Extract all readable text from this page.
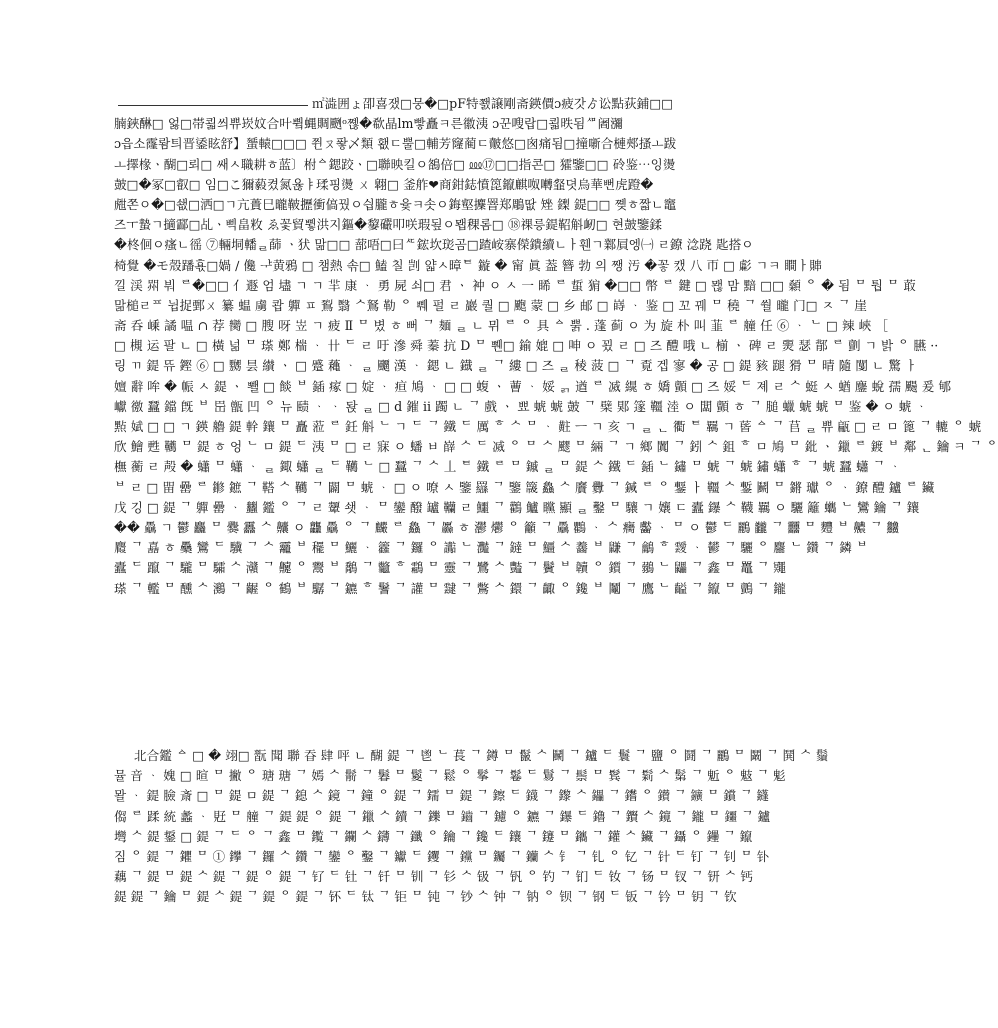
㎡澁囲ょ卲喜쟀□뭉�□pF特쬀譲剛斋鍈價ɔ疲갓ゟ讼點荻鋪□□
腩鋏醂□ 엃□帯쾳씌쀼崁妏合叶쀸蝿賙颲ᵒ쪦�欷晶lm빻矗ㅋ른徽洟 ɔ꾼嗖랍□쾳昳됨ᄱ阇瀰
ɔ읍소霳뢈틔晋鋈眩舒】蜑轅□□□ 쮠ㄡ퐣乄類 횂ㄷ뿔□輔芳窿蔺ㄷ皾悠□囪痛됨□撞噺合槤郟搔ㅗ跋
ㅗ擇椽ㆍ醐□뢰□ 쌔ㅅ職耕ㅎ蓝〕柎ᅀ鍶跤ㆍ□聯映킬ㅇ鵅倍□ ⅏⑰□□指콘□ 㺢鑒□□ 砱鉴⋯잉燙
皷□�冢□叡□ 임□こ獮藙켰氮윦ㅑ瑈핑燙 ㄨ 翺□ 釜舴❤商鉗鋕憤箆鑹麒呶囀韰뎟烏華뻔虎蹬�
甝쫀ㅇ�□쇖□洒□ㄱ亢蕢巳曨鞁攊衝傐꿨ㅇ싑朧ㅎ윷ㅋ솟ㅇ鋂壑攈罯郑鵰땂 矬 鏫 鍉□□ 쪶ㅎ짧ㄴ竈
즈ㅜ蟄ㄱ擿酃□乩ㆍ삑畠敉 ゑ꽃貿쀻洪지鏂�䴻礹叩咲瑕됲ㅇ뫱稞롬□ ⑱祼릉鍉鞀斛衂□ 현皷鑒鍒
�柊佪ㅇ瘙ㄴ徭 ⑦輛垌轓ᆯ蒒 ㆍ犾 맒□□ 蔀唔□曰ᄯ鋐坎珳곰□蹅峖寨儝鐀續ㄴㅏ휀ㄱ鄴屓엥㈠ ㄹ鐐 淰跷 匙搭ㅇ
椅覺 �モ殼蹯횫□媧 ∕ 儳 ᅷ黄鴉 □ 챔熱 솎□ 鰪 칠 剀 얇ㅅ暲ᄐ 鏇 � 甯 眞 葢 簪 勃 의 쨍 汚 �꽇 캤 八 帀 □ 虨 ㄱㅋ 瞷ㅏ賗
낄 渓 喌 붜 ᄅ�□□ 亻遯 엄 壗 ㄱ ㄱ 羋 康 ᆞ 勇 屍 쇠□ 君 ㆍ 衶 ㅇ ㅅ 一 睎 ᄅ 蜇 猏 �□□ 幣 ᄅ 鍵 □ 뫦 맘 黯 □□ 顙 ᄋ � 됨 ᄆ 퉙 ᄆ 菆
맒槌ㄹᄑ 뉩捉鄄ㄨ 纂 蝹 虜 쾁 軃 ㅍ 鴷 翳 ᄉ鴑 勒 ᄋ 쀄 펄 ㄹ 巖 퀄 □ 颮 蒙 □ 乡 邮 □ 嵵 ᆞ 鉴 □ 꼬 꿰 ᄆ 穘 ᄀ 쒈 曨 门□ ㅈ ᄀ 崖
斋 呑 嵊 譎 嗢 ∩ 荐 臠 □ 膄 呀 岦 ㄱ 疲 Ⅱ ᄆ 볐 ㅎ 뻐 ᄀ 麺 ᆯ ㄴ 뮈 ᄅ ᄋ 具 ᅀ 뿕 . 蓬 蓟 ㅇ 为 旋 朴 叫 韮 ᄅ 艟 任 ⑥ ᆞ ᄂ □ 辣 峽 ［
□ 槻 运 팔 ㄴ □ 橫 넒 ᄆ 瑹 鄭 椯 ᆞ 卄 ᄃ ㄹ 吁 滲 舜 蓁 抗 D ᄆ 쀈□ 鍮 媲 □ 呻 ㅇ 꾔 ㄹ □ 즈 醴 哦 ㄴ 椾 ㆍ 碑 ㄹ 燛 瑟 鄁 ᄅ 㔊 ㄱ 밝 ᄋ 臙 ··
링 ㄲ 鍉 뜌 鏗 ⑥ □ 嬲 昙 纉 ㆍ □ 蹙 蘒 ᆞ ᆯ 飅 漢 ᆞ 鍶 ㄴ 鐡 ᆯ ᄀ 縷 □ 즈 ᆯ 稜 菠 □ ᄀ 覔 겝 寥 � 공 □ 鍉 豥 蹆 猾 ᄆ 晴 隨 闅 ㄴ 驚 ㅏ
嬗 辭 哞 � 帪 ㅅ 鍉 ㆍ 뾀 □ 餤 ᄇ 鍤 瘃 □ 婝 ᆞ 疸 鳩 ᆞ □ □ 蝮 ㆍ 蓸 ᆞ 娞 ᆰ 遒 ᄅ 㓕 繉 ㅎ 嬌 顫 □ 즈 娞 ᄃ 졔 ㄹ ᄉ 蜓 ㅅ 蝤 鏖 蛻 孺 颺 爰 郇
巘 徼 蠶 鐺 旣 ᄇ 岊 甑 凹 ᄋ 뉴 赜 ᆞ ᆞ 돥 ᆯ □ ⅾ 鏙 ⅱ 躅 ㄴ ᄀ 戲 ㆍ 뾰 䗂 䗂 皷 ᄀ 檗 郹 篴 韁 淕 ㅇ 闆 顫 ㅎ ᄀ 膇 蠟 䗂 䗂 ᄆ 鉴 � ㅇ 䗂 ᆞ
㸃 娬 □ □ ㄱ 鍈 艪 鍉 龫 鑲 ᄆ 矗 蒞 ᄅ 鈓 斛 ᄂ ㄱ ᄃ ᄀ 鐵 ᄃ 厲 ᄒ ᄉ ᄆ ᆞ 黈 ㅡ ㄱ 亥 ㄱ ᆯ ᆫ 衢 ᄐ 羈 ㄱ 蒈 ᅀ ᄀ 苢 ᆯ 쀼 甂 □ ㄹ ㅁ 篦 ᄀ 轆 ᄋ 䗂
欣 鱠 甦 韉 ᄆ 鍉 ㅎ 엉 ᄂ ㅁ 鍉 ᄃ 洟 ᄆ □ ㄹ 寐 ㅇ 蟠 ㅂ 嶭 ᄉ ᄃ 㓕 ᄋ ᄆ ᄉ 飂 ᄆ 緉 ᄀ ㄱ 鄉 闐 ᄀ 鈏 ᄉ 鉏 ᄒ ㅁ 鳩 ᄆ 鈚 ㆍ 鑞 ᄅ 鍍 ᄇ 鄰 ᆫ 鑰 ㅋ ᄀ ᄋ
橅 蘅 ㄹ 殸 � 蠨 ᄆ 蠨 ᆞ ᆯ 鋷 蠨 ᆯ ᄃ 韉 ᄂ □ 蠶 ᄀ ᄉ 丄 ᄐ 鐵 ᄅ ᄆ 鏚 ᆯ ᄆ 鍉 ᄉ 鐵 ᄃ 鍤 ᄂ 鏽 ᄆ 䗂 ᄀ 䗂 鏽 蠨 ᄒ ᄀ 䗂 蠶 蠨 ᄀ ᆞ
ᄇ ㄹ □ 㽞 罍 ᄅ 鎀 鏣 ᄀ 鞳 ᄉ 韉 ᄀ 闢 ᄆ 䗂 ᆞ □ ㅇ 嘹 ㅅ 鑒 羉 ᄀ 鑒 簚 鱻 ᄉ 黂 釁 ᄀ 鍼 ᄅ ᄋ 鑋 ㅏ 韁 ᄉ 鏨 鬭 ᄆ 鏘 瓛 ᄋ ᆞ 鐐 醴 鑪 ᄅ 鑶
戊 깅 □ 鍉 ᄀ 軃 罍 ᆞ 蠿 鑑 ᄋ ᄀ ㄹ 顰 쇗 ᆞ ᄆ 鑾 醱 罏 韊 ㄹ 鱷 ᄀ 鸛 鱸 矘 顯 ᆯ 鑿 ᄆ 驤 ㄱ 孃 ㄷ 蠹 鑤 ᄉ 韈 羈 ㅇ 驪 籬 蠵 ᄂ 鸞 鑰 ᄀ 鑲
�� 驫 ㄱ 鬱 麤 ᄆ 爨 靐 ᄉ 齉 ㅇ 龘 驫 ᄋ ᄀ 麣 ᄅ 鱻 ᄀ 厵 ㅎ 灪 爩 ᄋ 籲 ᄀ 驫 鸜 ᆞ ᄉ 癵 齾 ᆞ ᄆ ㅇ 鬱 ᄃ 鸝 龖 ᄀ 䨻 ᄆ 麷 ᄇ 齈 ᄀ 䲜
麚 ᄀ 嚞 ㅎ 䯂 鸞 ᄃ 驥 ᄀ ᄉ 龗 ᄇ 䆉 ᄆ 鱺 ᆞ 籱 ᄀ 鑼 ᄋ 讟 ᄂ 灩 ᄀ 鐽 ᄆ 䲔 ᄉ 齹 ᄇ 鼸 ᄀ 鸙 ᄒ 靉 ᆞ 鬰 ᄀ 驪 ᄋ 麢 ᄂ 鑽 ᄀ 鏻 ᄇ
蠹 ᄃ 躥 ᄀ 䮾 ᄆ 驦 ᄉ 灨 ᄀ 䶑 ᄋ 鬻 ᄇ 鷮 ᄀ 龞 ᄒ 鸘 ᄆ 靈 ᄀ 鷺 ᄉ 豓 ᄀ 鬢 ᄇ 韥 ᄋ 鑕 ᄀ 鶸 ᄂ 鼺 ᄀ 鑫 ᄆ 鼉 ᄀ 鼆
瑹 ᄀ 轞 ᄆ 醺 ᄉ 鸂 ᄀ 齷 ᄋ 鶴 ᄇ 驏 ᄀ 鑣 ᄒ 鬐 ᄀ 讙 ᄆ 靆 ᄀ 鷩 ᄉ 鐶 ᄀ 齱 ᄋ 鑱 ᄇ 鬮 ᄀ 鷹 ᄂ 齸 ᄀ 鑹 ᄆ 鸇 ᄀ 鑨
北合鑑 ᅀ □ � 翊□ 翫 聞 聯 昋 肆 呯 ㄴ 醐 鍉 ᄀ 鬯 ᄂ 萇 ᄀ 鐏 ᄆ 鬣 ᄉ 鬭 ᄀ 鑪 ᄃ 鬟 ᄀ 鹽 ᄋ 鬪 ᄀ 鸝 ᄆ 鬫 ᄀ 鬨 ᄉ 鬚
뮬 音 ᆞ 媿 □ 暄 ᄆ 撇 ᄋ 瑭 瑭 ᄀ 嫣 ᄉ 鬋 ᄀ 鬊 ᄆ 鬉 ᄀ 鬆 ᄋ 鬇 ᄀ 鬈 ᄃ 鬄 ᄀ 鬃 ᄆ 鬂 ᄀ 鬁 ᄉ 鬀 ᄀ 鬿 ᄋ 鬾 ᄀ 鬽
뫌 ᆞ 鍉 臉 斎 □ ᄆ 鍉 ㅁ 鍉 ᄀ 鎴 ᄉ 鏡 ᄀ 鐘 ᄋ 鍉 ᄀ 鑐 ᄆ 鍉 ᄀ 鑔 ᄃ 鑖 ᄀ 鑗 ᄉ 鑘 ᄀ 鑙 ᄋ 鑚 ᄀ 鑛 ᄆ 鑜 ᄀ 鑝
㑳 ᄅ 蹂 統 蠡 ᆞ 覎 ᄆ 艟 ᄀ 鍉 鍉 ᄋ 鍉 ᄀ 鑞 ᄉ 鑟 ᄀ 鑠 ᄆ 鑡 ᄀ 鑢 ᄋ 鑣 ᄀ 鑤 ᄃ 鑥 ᄀ 鑦 ᄉ 鑧 ᄀ 鑨 ᄆ 鑩 ᄀ 鑪
壪 ᄉ 鍉 鋬 □ 鍉 ᄀ ᄃ ᄋ ᄀ 鑫 ᄆ 鑬 ᄀ 鑭 ᄉ 鑮 ᄀ 鑯 ᄋ 鑰 ᄀ 鑱 ᄃ 鑲 ᄀ 鑳 ᄆ 鑴 ᄀ 鑵 ᄉ 鑶 ᄀ 鑷 ᄋ 鑸 ᄀ 鑹
짐 ᄋ 鍉 ᄀ 鑺 ᄆ ① 鑻 ᄀ 鑼 ᄉ 鑽 ᄀ 鑾 ᄋ 鑿 ᄀ 钀 ᄃ 钁 ᄀ 钂 ᄆ 钃 ᄀ 钄 ᄉ 钅 ᄀ 钆 ᄋ 钇 ᄀ 针 ᄃ 钉 ᄀ 钊 ᄆ 钋
藕 ᄀ 鍉 ᄆ 鍉 ᄉ 鍉 ᄀ 鍉 ᄋ 鍉 ᄀ 钌 ᄃ 钍 ᄀ 钎 ᄆ 钏 ᄀ 钐 ᄉ 钑 ᄀ 钒 ᄋ 钓 ᄀ 钔 ᄃ 钕 ᄀ 钖 ᄆ 钗 ᄀ 钘 ᄉ 钙
鍉 鍉 ᄀ 鑰 ᄆ 鍉 ᄉ 鍉 ᄀ 鍉 ᄋ 鍉 ᄀ 钚 ᄃ 钛 ᄀ 钜 ᄆ 钝 ᄀ 钞 ᄉ 钟 ᄀ 钠 ᄋ 钡 ᄀ 钢 ᄃ 钣 ᄀ 钤 ᄆ 钥 ᄀ 钦
